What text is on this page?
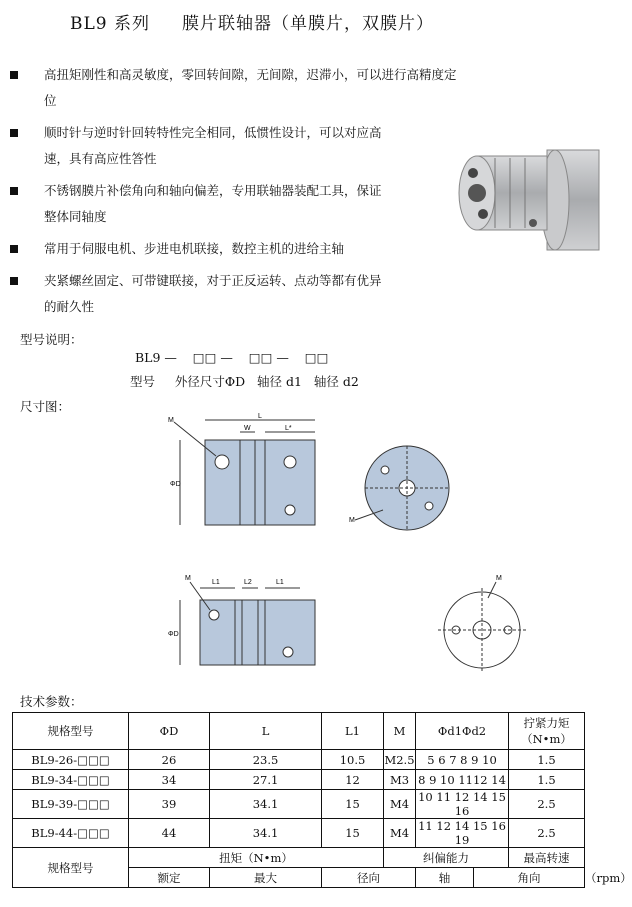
BL9 系列     膜片联轴器（单膜片，双膜片）
高扭矩刚性和高灵敏度，零回转间隙，无间隙，迟滞小，可以进行高精度定位
顺时针与逆时针回转特性完全相同，低惯性设计，可以对应高
速，具有高应性答性
不锈钢膜片补偿角向和轴向偏差，专用联轴器装配工具，保证
整体同轴度
常用于伺服电机、步进电机联接，数控主机的进给主轴
夹紧螺丝固定、可带键联接，对于正反运转、点动等都有优异
的耐久性
型号说明：
BL9 —    □□ —    □□ —    □□
型号     外径尺寸ΦD   轴径 d1   轴径 d2
尺寸图：
L
W	L*
M
ΦD
M
L1	L2	L1
M
ΦD
M
技术参数：
规格型号	ΦD	L	L1	M	Φd1Φd2		拧紧力矩
（N•m）	

BL9-26-□□□	26	23.5	10.5	M2.5	5 6 7 8 9 10		1.5	
BL9-34-□□□	34	27.1	12	M3	8 9 10 1112 14		1.5	
BL9-39-□□□	39	34.1	15	M4	10 11 12 14 15 16		2.5	
BL9-44-□□□	44	34.1	15	M4	11 12 14 15 16 19		2.5	
规格型号	扭矩（N•m）			纠偏能力			最高转速	
	额定	最大	径向		轴	角向		（rpm）
